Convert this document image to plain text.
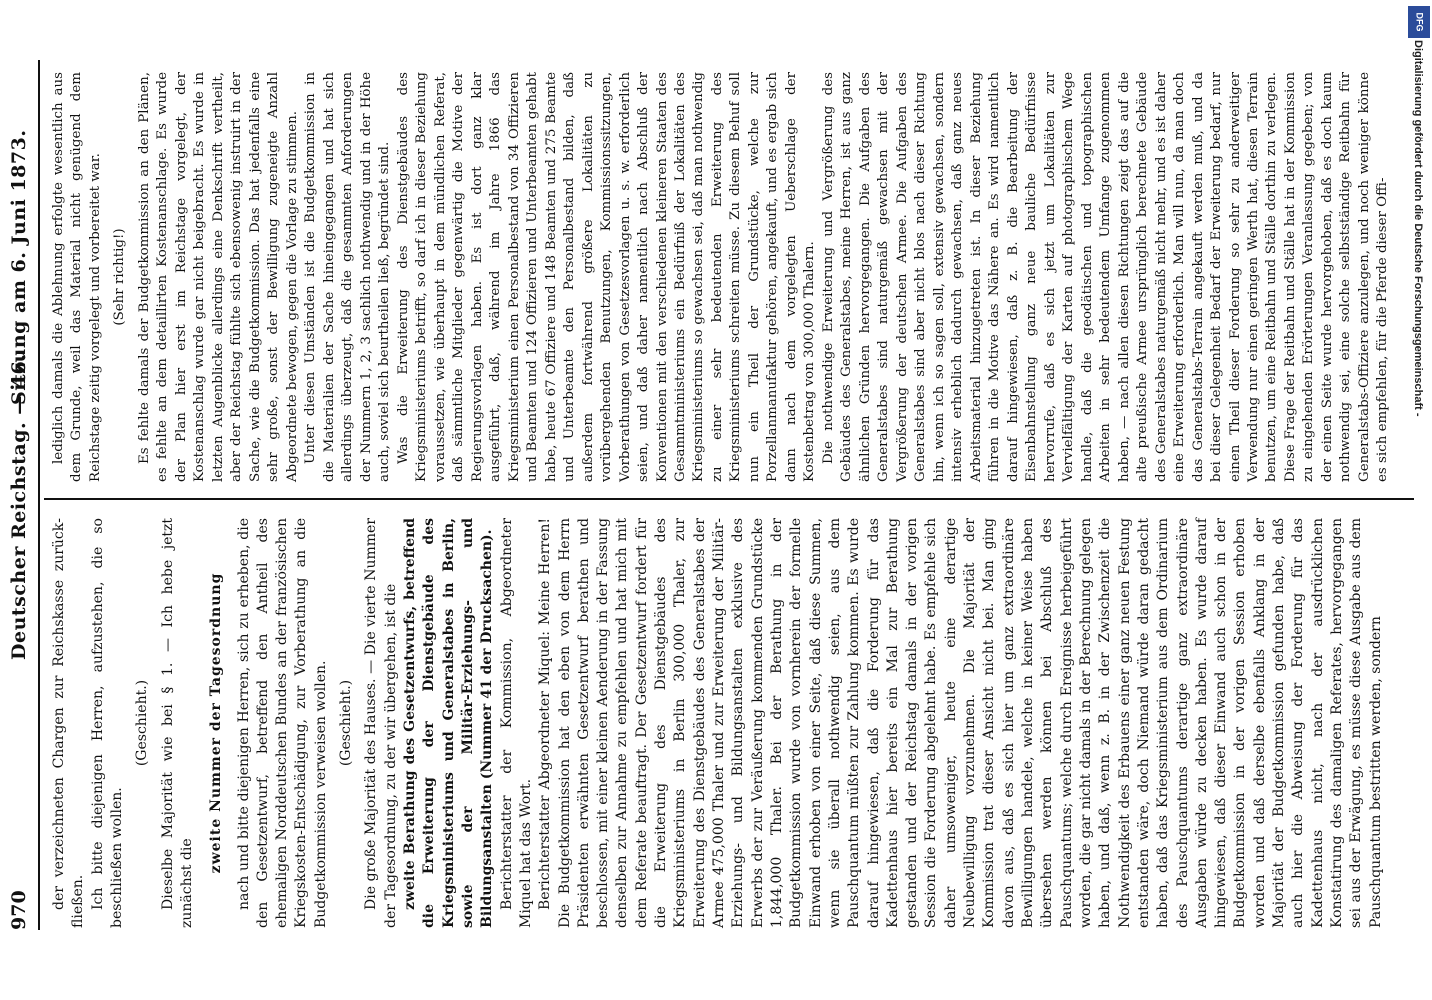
970
Deutscher Reichstag. — 46.
Sitzung am 6. Juni 1873.

der verzeichneten Chargen zur Reichskasse zurückfließen. Ich bitte diejenigen Herren, aufzustehen, die so beschließen wollen.

(Geschieht.) Dieselbe Majorität wie bei § 1. — Ich hebe jetzt zunächst die

zweite Nummer der Tagesordnung nach und bitte diejenigen Herren, sich zu erheben, die den Gesetzentwurf, betreffend den Antheil des ehemaligen Norddeutschen Bundes an der französischen Kriegskosten-Entschädigung, zur Vorberathung an die Budgetkommission verweisen wollen. (Geschieht.) Die große Majorität des Hauses. — Die vierte Nummer der Tagesordnung, zu der wir übergehen, ist die zweite Berathung des Gesetzentwurfs, betreffend die Erweiterung der Dienstgebäude des Kriegsministeriums und Generalstabes in Berlin, sowie der Militär-Erziehungs- und Bildungsanstalten (Nummer 41 der Drucksachen). Berichterstatter der Kommission, Abgeordneter Miquel hat das Wort. Berichterstatter Abgeordneter Miquel: Meine Herren! Die Budgetkommission hat den eben von dem Herrn Präsidenten erwähnten Gesetzentwurf berathen und beschlossen, mit einer kleinen Aenderung in der Fassung denselben zur Annahme zu empfehlen und hat mich mit dem Referate beauftragt. Der Gesetzentwurf fordert für die Erweiterung des Dienstgebäudes des Kriegsministeriums in Berlin 300,000 Thaler, zur Erweiterung des Dienstgebäudes des Generalstabes der Armee 475,000 Thaler und zur Erweiterung der Militär-Erziehungs- und Bildungsanstalten exklusive des Erwerbs der zur Veräußerung kommenden Grundstücke 1,844,000 Thaler. Bei der Berathung in der Budgetkommission wurde von vornherein der formelle Einwand erhoben von einer Seite, daß diese Summen, wenn sie überall nothwendig seien, aus dem Pauschquantum müßten zur Zahlung kommen. Es wurde darauf hingewiesen, daß die Forderung für das Kadettenhaus hier bereits ein Mal zur Berathung gestanden und der Reichstag damals in der vorigen Session die Forderung abgelehnt habe. Es empfehle sich daher umsoweniger, heute eine derartige Neubewilligung vorzunehmen. Die Majorität der Kommission trat dieser Ansicht nicht bei. Man ging davon aus, daß es sich hier um ganz extraordinäre Bewilligungen handele, welche in keiner Weise haben übersehen werden können bei Abschluß des Pauschquantums; welche durch Ereignisse herbeigeführt worden, die gar nicht damals in der Berechnung gelegen haben, und daß, wenn z. B. in der Zwischenzeit die Nothwendigkeit des Erbauens einer ganz neuen Festung entstanden wäre, doch Niemand würde daran gedacht haben, daß das Kriegsministerium aus dem Ordinarium des Pauschquantums derartige ganz extraordinäre Ausgaben würde zu decken haben. Es wurde darauf hingewiesen, daß dieser Einwand auch schon in der Budgetkommission in der vorigen Session erhoben worden und daß derselbe ebenfalls Anklang in der Majorität der Budgetkommission gefunden habe, daß auch hier die Abweisung der Forderung für das Kadettenhaus nicht, nach der ausdrücklichen Konstatirung des damaligen Referates, hervorgegangen sei aus der Erwägung, es müsse diese Ausgabe aus dem Pauschquantum bestritten werden, sondern

lediglich damals die Ablehnung erfolgte wesentlich aus dem Grunde, weil das Material nicht genügend dem Reichstage zeitig vorgelegt und vorbereitet war. (Sehr richtig!) Es fehlte damals der Budgetkommission an den Plänen, es fehlte an dem detaillirten Kostenanschlage. Es wurde der Plan hier erst im Reichstage vorgelegt, der Kostenanschlag wurde gar nicht beigebracht. Es wurde in letzten Augenblicke allerdings eine Denkschrift vertheilt, aber der Reichstag fühlte sich ebensowenig instruirt in der Sache, wie die Budgetkommission. Das hat jedenfalls eine sehr große, sonst der Bewilligung zugeneigte Anzahl Abgeordnete bewogen, gegen die Vorlage zu stimmen. Unter diesen Umständen ist die Budgetkommission in die Materialien der Sache hineingegangen und hat sich allerdings überzeugt, daß die gesammten Anforderungen der Nummern 1, 2, 3 sachlich nothwendig und in der Höhe auch, soviel sich beurtheilen ließ, begründet sind. Was die Erweiterung des Dienstgebäudes des Kriegsministeriums betrifft, so darf ich in dieser Beziehung voraussetzen, wie überhaupt in dem mündlichen Referat, daß sämmtliche Mitglieder gegenwärtig die Motive der Regierungsvorlagen haben. Es ist dort ganz klar ausgeführt, daß, während im Jahre 1866 das Kriegsministerium einen Personalbestand von 34 Offizieren und Beamten und 124 Offizieren und Unterbeamten gehabt habe, heute 67 Offiziere und 148 Beamten und 275 Beamte und Unterbeamte den Personalbestand bilden, daß außerdem fortwährend größere Lokalitäten zu vorübergehenden Benutzungen, Kommissionssitzungen, Vorberathungen von Gesetzesvorlagen u. s. w. erforderlich seien, und daß daher namentlich nach Abschluß der Konventionen mit den verschiedenen kleineren Staaten des Gesammtministeriums ein Bedürfniß der Lokalitäten des Kriegsministeriums so gewachsen sei, daß man nothwendig zu einer sehr bedeutenden Erweiterung des Kriegsministeriums schreiten müsse. Zu diesem Behuf soll nun ein Theil der Grundstücke, welche zur Porzellanmanufaktur gehören, angekauft, und es ergab sich dann nach dem vorgelegten Ueberschlage der Kostenbetrag von 300,000 Thalern. Die nothwendige Erweiterung und Vergrößerung des Gebäudes des Generalstabes, meine Herren, ist aus ganz ähnlichen Gründen hervorgegangen. Die Aufgaben des Generalstabes sind naturgemäß gewachsen mit der Vergrößerung der deutschen Armee. Die Aufgaben des Generalstabes sind aber nicht blos nach dieser Richtung hin, wenn ich so sagen soll, extensiv gewachsen, sondern intensiv erheblich dadurch gewachsen, daß ganz neues Arbeitsmaterial hinzugetreten ist. In dieser Beziehung führen in die Motive das Nähere an. Es wird namentlich darauf hingewiesen, daß z. B. die Bearbeitung der Eisenbahnstellung ganz neue bauliche Bedürfnisse hervorrufe, daß es sich jetzt um Lokalitäten zur Vervielfältigung der Karten auf photographischem Wege handle, daß die geodätischen und topographischen Arbeiten in sehr bedeutendem Umfange zugenommen haben, — nach allen diesen Richtungen zeigt das auf die alte preußische Armee ursprünglich berechnete Gebäude des Generalstabes naturgemäß nicht mehr, und es ist daher eine Erweiterung erforderlich. Man will nun, da man doch das Generalstabs-Terrain angekauft werden muß, und da bei dieser Gelegenheit Bedarf der Erweiterung bedarf, nur einen Theil dieser Forderung so sehr zu anderweitiger Verwendung nur einen geringen Werth hat, diesen Terrain benutzen, um eine Reitbahn und Ställe dorthin zu verlegen. Diese Frage der Reitbahn und Ställe hat in der Kommission zu eingehenden Erörterungen Veranlassung gegeben; von der einen Seite wurde hervorgehoben, daß es doch kaum nothwendig sei, eine solche selbstständige Reitbahn für Generalstabs-Offiziere anzulegen, und noch weniger könne es sich empfehlen, für die Pferde dieser Offi-

DFG
Digitalisierung gefördert durch die Deutsche Forschungsgemeinschaft -
